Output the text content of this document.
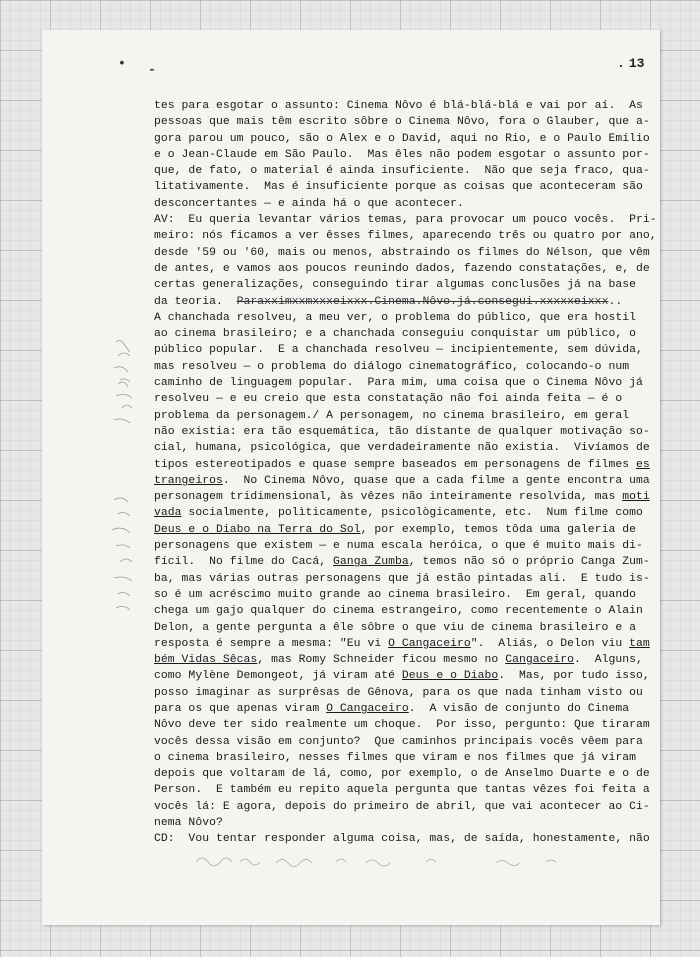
• -
.	13
tes para esgotar o assunto: Cinema Nôvo é blá-blá-blá e vai por aí.  As
pessoas que mais têm escrito sôbre o Cinema Nôvo, fora o Glauber, que a-
gora parou um pouco, são o Alex e o David, aqui no Rio, e o Paulo Emílio
e o Jean-Claude em São Paulo.  Mas êles não podem esgotar o assunto por-
que, de fato, o material é ainda insuficiente.  Não que seja fraco, qua-
litativamente.  Mas é insuficiente porque as coisas que aconteceram são
desconcertantes — e ainda há o que acontecer.
AV:  Eu queria levantar vários temas, para provocar um pouco vocês.  Pri-
meiro: nós ficamos a ver êsses filmes, aparecendo três ou quatro por ano,
desde '59 ou '60, mais ou menos, abstraindo os filmes do Nélson, que vêm
de antes, e vamos aos poucos reunindo dados, fazendo constatações, e, de
certas generalizações, conseguindo tirar algumas conclusões já na base
da teoria.  Paraxximxxmxxxeixxx.Cinema.Nôvo.já.consegui.xxxxxeixxx..
A chanchada resolveu, a meu ver, o problema do público, que era hostil
ao cinema brasileiro; e a chanchada conseguiu conquistar um público, o
público popular.  E a chanchada resolveu — incipientemente, sem dúvida,
mas resolveu — o problema do diálogo cinematográfico, colocando-o num
caminho de linguagem popular.  Para mim, uma coisa que o Cinema Nôvo já
resolveu — e eu creio que esta constatação não foi ainda feita — é o
problema da personagem./ A personagem, no cinema brasileiro, em geral
não existia: era tão esquemática, tão distante de qualquer motivação so-
cial, humana, psicológica, que verdadeiramente não existia.  Vivíamos de
tipos estereotipados e quase sempre baseados em personagens de filmes es
trangeiros.  No Cinema Nôvo, quase que a cada filme a gente encontra uma
personagem tridimensional, às vêzes não inteiramente resolvida, mas moti
vada socialmente, polìticamente, psicològicamente, etc.  Num filme como
Deus e o Diabo na Terra do Sol, por exemplo, temos tôda uma galeria de
personagens que existem — e numa escala heróica, o que é muito mais di-
fícil.  No filme do Cacá, Ganga Zumba, temos não só o próprio Canga Zum-
ba, mas várias outras personagens que já estão pintadas ali.  E tudo is-
so é um acréscimo muito grande ao cinema brasileiro.  Em geral, quando
chega um gajo qualquer do cinema estrangeiro, como recentemente o Alain
Delon, a gente pergunta a êle sôbre o que viu de cinema brasileiro e a
resposta é sempre a mesma: "Eu vi O Cangaceiro".  Aliás, o Delon viu tam
bém Vidas Sêcas, mas Romy Schneider ficou mesmo no Cangaceiro.  Alguns,
como Mylène Demongeot, já viram até Deus e o Diabo.  Mas, por tudo isso,
posso imaginar as surprêsas de Gênova, para os que nada tinham visto ou
para os que apenas viram O Cangaceiro.  A visão de conjunto do Cinema
Nôvo deve ter sido realmente um choque.  Por isso, pergunto: Que tiraram
vocês dessa visão em conjunto?  Que caminhos principais vocês vêem para
o cinema brasileiro, nesses filmes que viram e nos filmes que já viram
depois que voltaram de lá, como, por exemplo, o de Anselmo Duarte e o de
Person.  E também eu repito aquela pergunta que tantas vêzes foi feita a
vocês lá: E agora, depois do primeiro de abril, que vai acontecer ao Ci-
nema Nôvo?
CD:  Vou tentar responder alguma coisa, mas, de saída, honestamente, não
